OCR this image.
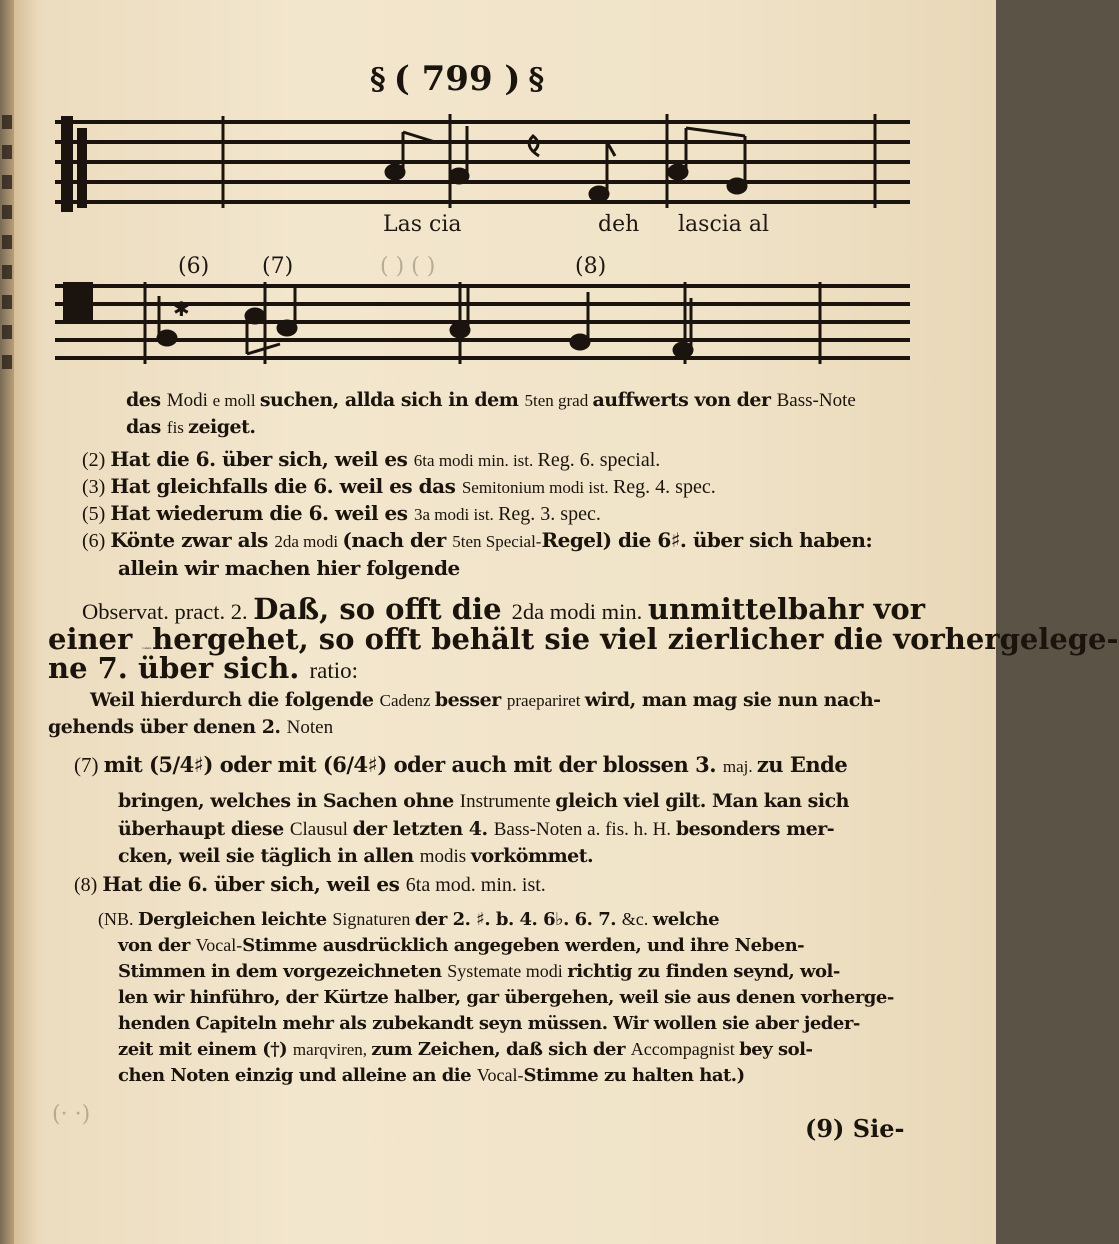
§ ( 799 ) §
Las cia	deh lascia al
(6) (7)	(8)
( ) ( )
✱
des Modi e moll suchen, allda sich in dem 5ten grad auffwerts von der Bass-Note
das fis zeiget.
(2) Hat die 6. über sich, weil es 6ta modi min. ist. Reg. 6. special.
(3) Hat gleichfalls die 6. weil es das Semitonium modi ist. Reg. 4. spec.
(5) Hat wiederum die 6. weil es 3a modi ist. Reg. 3. spec.
(6) Könte zwar als 2da modi (nach der 5ten Special-Regel) die 6♯. über sich haben:
allein wir machen hier folgende
Observat. pract. 2. Daß, so offt die 2da modi min. unmittelbahr vor
einer Cadenz hergehet, so offt behält sie viel zierlicher die vorhergelege-
ne 7. über sich. ratio:
Weil hierdurch die folgende Cadenz besser praepariret wird, man mag sie nun nach-
gehends über denen 2. Noten
(7) mit (5/4♯) oder mit (6/4♯) oder auch mit der blossen 3. maj. zu Ende
bringen, welches in Sachen ohne Instrumente gleich viel gilt. Man kan sich
überhaupt diese Clausul der letzten 4. Bass-Noten a. fis. h. H. besonders mer-
cken, weil sie täglich in allen modis vorkömmet.
(8) Hat die 6. über sich, weil es 6ta mod. min. ist.
(NB. Dergleichen leichte Signaturen der 2. ♯. b. 4. 6♭. 6. 7. &c. welche
von der Vocal-Stimme ausdrücklich angegeben werden, und ihre Neben-
Stimmen in dem vorgezeichneten Systemate modi richtig zu finden seynd, wol-
len wir hinführo, der Kürtze halber, gar übergehen, weil sie aus denen vorherge-
henden Capiteln mehr als zubekandt seyn müssen. Wir wollen sie aber jeder-
zeit mit einem (†) marqviren, zum Zeichen, daß sich der Accompagnist bey sol-
chen Noten einzig und alleine an die Vocal-Stimme zu halten hat.)
(· ·)	(9) Sie-
